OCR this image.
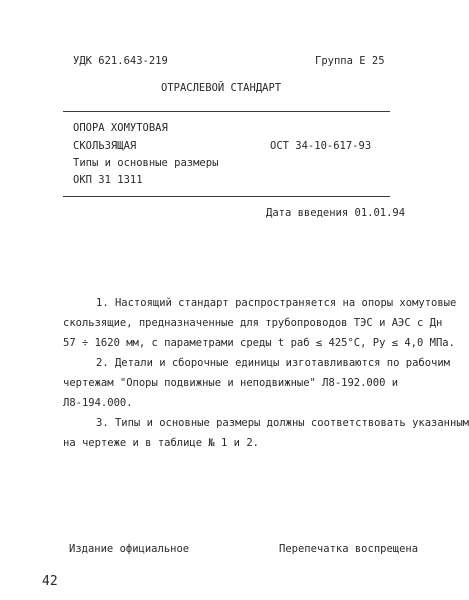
УДК 621.643-219	Группа Е 25
ОТРАСЛЕВОЙ СТАНДАРТ
ОПОРА ХОМУТОВАЯ
СКОЛЬЗЯЩАЯ	ОСТ 34-10-617-93
Типы и основные размеры
ОКП 31 1311
Дата введения 01.01.94
1. Настоящий стандарт распространяется на опоры хомутовые
скользящие, предназначенные для трубопроводов ТЭС и АЭС с Дн
57 ÷ 1620 мм, с параметрами среды t раб ≤ 425°С, Ру ≤ 4,0 МПа.
2. Детали и сборочные единицы изготавливаются по рабочим
чертежам "Опоры подвижные и неподвижные" Л8-192.000 и
Л8-194.000.
3. Типы и основные размеры должны соответствовать указанным
на чертеже и в таблице № 1 и 2.
Издание официальное	Перепечатка воспрещена
42
